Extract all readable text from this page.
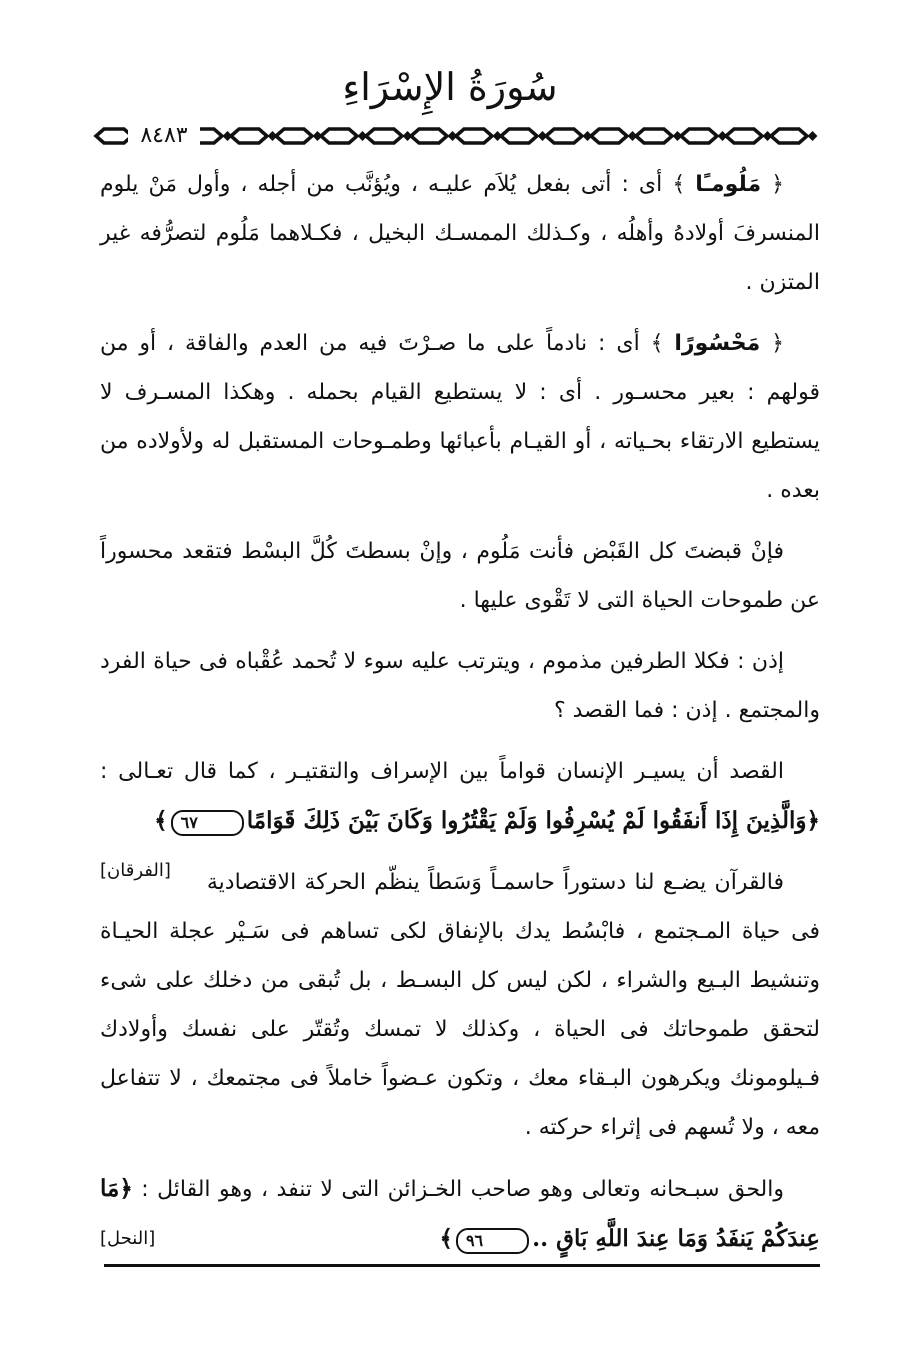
سُورَةُ الإِسْرَاءِ
٨٤٨٣

﴿ مَلُومـًا ﴾ أى : أتى بفعل يُلاَم عليـه ، ويُؤنَّب من أجله ، وأول مَنْ يلوم المنسرفَ أولادهُ وأهلُه ، وكـذلك الممسـك البخيل ، فكـلاهما مَلُوم لتصرُّفه غير المتزن .

﴿ مَحْسُورًا ﴾ أى : نادماً على ما صـرْتَ فيه من العدم والفاقة ، أو من قولهم : بعير محسـور . أى : لا يستطيع القيام بحمله . وهكذا المسـرف لا يستطيع الارتقاء بحـياته ، أو القيـام بأعبائها وطمـوحات المستقبل له ولأولاده من بعده .

فإنْ قبضتَ كل القَبْض فأنت مَلُوم ، وإنْ بسطتَ كُلَّ البسْط فتقعد محسوراً عن طموحات الحياة التى لا تَقْوى عليها .

إذن : فكلا الطرفين مذموم ، ويترتب عليه سوء لا تُحمد عُقْباه فى حياة الفرد والمجتمع . إذن : فما القصد ؟

القصد أن يسيـر الإنسان قواماً بين الإسراف والتقتيـر ، كما قال تعـالى : ﴿وَالَّذِينَ إِذَا أَنفَقُوا لَمْ يُسْرِفُوا وَلَمْ يَقْتُرُوا وَكَانَ بَيْنَ ذَلِكَ قَوَامًا٦٧﴾
[الفرقان]	فالقرآن يضـع لنا دستوراً حاسمـاً وَسَطاً ينظّم الحركة الاقتصادية فى حياة المـجتمع ، فابْسُط يدك بالإنفاق لكى تساهم فى سَـيْر عجلة الحيـاة وتنشيط البـيع والشراء ، لكن ليس كل البسـط ، بل تُبقى من دخلك على شىء لتحقق طموحاتك فى الحياة ، وكذلك لا تمسك وتُقتّر على نفسك وأولادك فـيلومونك ويكرهون البـقاء معك ، وتكون عـضواً خاملاً فى مجتمعك ، لا تتفاعل معه ، ولا تُسهم فى إثراء حركته .

والحق سبـحانه وتعالى وهو صاحب الخـزائن التى لا تنفد ، وهو القائل : ﴿مَا عِندَكُمْ يَنفَدُ وَمَا عِندَ اللَّهِ بَاقٍ ..٩٦﴾
[النحل]
